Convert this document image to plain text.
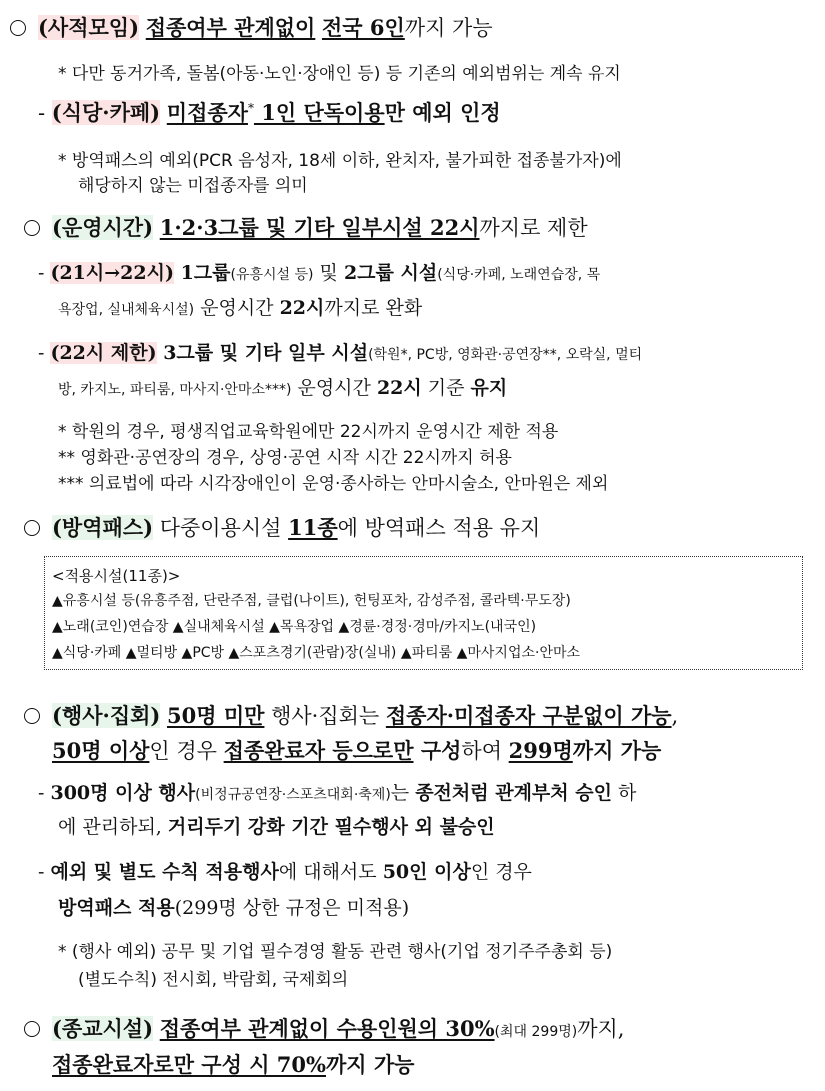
(사적모임) 접종여부 관계없이 전국 6인까지 가능
* 다만 동거가족, 돌봄(아동·노인·장애인 등) 등 기존의 예외범위는 계속 유지
- (식당·카페) 미접종자* 1인 단독이용만 예외 인정
* 방역패스의 예외(PCR 음성자, 18세 이하, 완치자, 불가피한 접종불가자)에
해당하지 않는 미접종자를 의미
(운영시간) 1·2·3그룹 및 기타 일부시설 22시까지로 제한
- (21시→22시) 1그룹(유흥시설 등) 및 2그룹 시설(식당·카페, 노래연습장, 목
욕장업, 실내체육시설) 운영시간 22시까지로 완화
- (22시 제한) 3그룹 및 기타 일부 시설(학원*, PC방, 영화관·공연장**, 오락실, 멀티
방, 카지노, 파티룸, 마사지·안마소***) 운영시간 22시 기준 유지
* 학원의 경우, 평생직업교육학원에만 22시까지 운영시간 제한 적용
** 영화관·공연장의 경우, 상영·공연 시작 시간 22시까지 허용
*** 의료법에 따라 시각장애인이 운영·종사하는 안마시술소, 안마원은 제외
(방역패스) 다중이용시설 11종에 방역패스 적용 유지
<적용시설(11종)>
▲유흥시설 등(유흥주점, 단란주점, 클럽(나이트), 헌팅포차, 감성주점, 콜라텍·무도장)
▲노래(코인)연습장 ▲실내체육시설 ▲목욕장업 ▲경륜·경정·경마/카지노(내국인)
▲식당·카페 ▲멀티방 ▲PC방 ▲스포츠경기(관람)장(실내) ▲파티룸 ▲마사지업소·안마소
(행사·집회) 50명 미만 행사·집회는 접종자·미접종자 구분없이 가능,
50명 이상인 경우 접종완료자 등으로만 구성하여 299명까지 가능
- 300명 이상 행사(비정규공연장·스포츠대회·축제)는 종전처럼 관계부처 승인 하
에 관리하되, 거리두기 강화 기간 필수행사 외 불승인
- 예외 및 별도 수칙 적용행사에 대해서도 50인 이상인 경우
방역패스 적용(299명 상한 규정은 미적용)
* (행사 예외) 공무 및 기업 필수경영 활동 관련 행사(기업 정기주주총회 등)
(별도수칙) 전시회, 박람회, 국제회의
(종교시설) 접종여부 관계없이 수용인원의 30%(최대 299명)까지,
접종완료자로만 구성 시 70%까지 가능
